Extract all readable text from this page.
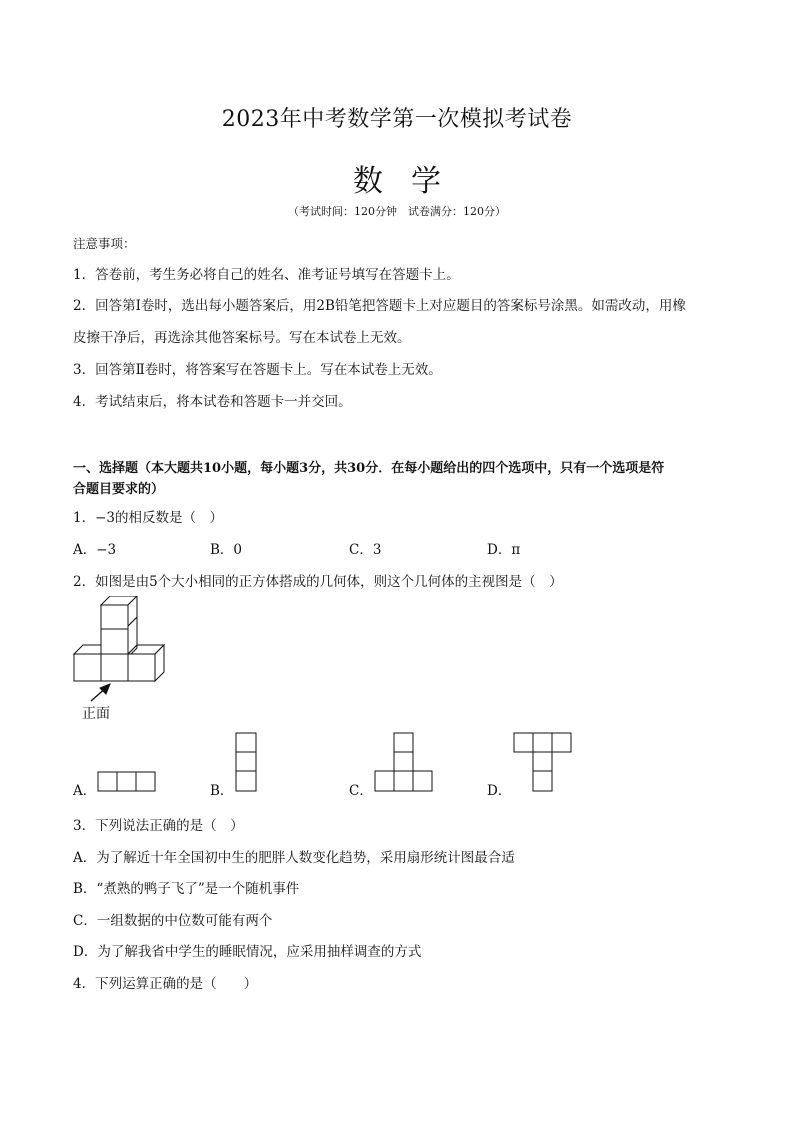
2023年中考数学第一次模拟考试卷
数学
（考试时间：120分钟　试卷满分：120分）
注意事项：
1．答卷前，考生务必将自己的姓名、准考证号填写在答题卡上。
2．回答第Ⅰ卷时，选出每小题答案后，用2B铅笔把答题卡上对应题目的答案标号涂黑。如需改动，用橡
皮擦干净后，再选涂其他答案标号。写在本试卷上无效。
3．回答第Ⅱ卷时，将答案写在答题卡上。写在本试卷上无效。
4．考试结束后，将本试卷和答题卡一并交回。
一、选择题（本大题共10小题，每小题3分，共30分．在每小题给出的四个选项中，只有一个选项是符
合题目要求的）
1．−3的相反数是（　）
A．−3	B．0	C．3	D．π
2．如图是由5个大小相同的正方体搭成的几何体，则这个几何体的主视图是（　）
正面
A．	B．	C．	D．
3．下列说法正确的是（　）
A．为了解近十年全国初中生的肥胖人数变化趋势，采用扇形统计图最合适
B．“煮熟的鸭子飞了”是一个随机事件
C．一组数据的中位数可能有两个
D．为了解我省中学生的睡眠情况，应采用抽样调查的方式
4．下列运算正确的是（　　）
